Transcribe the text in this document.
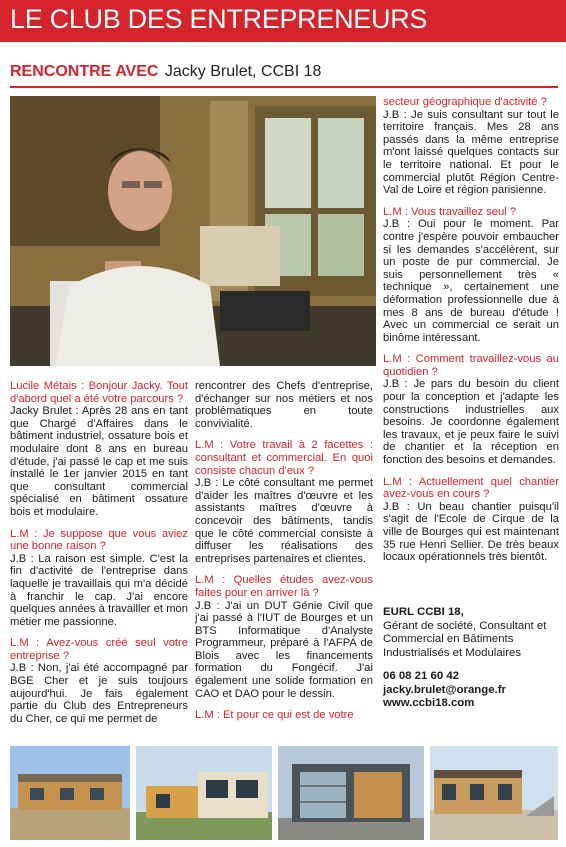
LE CLUB DES ENTREPRENEURS
RENCONTRE AVEC Jacky Brulet, CCBI 18

Lucile Métais : Bonjour Jacky. Tout d'abord quel a été votre parcours ?
Jacky Brulet : Après 28 ans en tant que Chargé d'Affaires dans le bâtiment industriel, ossature bois et modulaire dont 8 ans en bureau d'étude, j'ai passé le cap et me suis installé le 1er janvier 2015 en tant que consultant commercial spécialisé en bâtiment ossature bois et modulaire.

L.M : Je suppose que vous aviez une bonne raison ?
J.B : La raison est simple. C'est la fin d'activité de l'entreprise dans laquelle je travaillais qui m'a décidé à franchir le cap. J'ai encore quelques années à travailler et mon métier me passionne.

L.M : Avez-vous créé seul votre entreprise ?
J.B : Non, j'ai été accompagné par BGE Cher et je suis toujours aujourd'hui. Je fais également partie du Club des Entrepreneurs du Cher, ce qui me permet de

rencontrer des Chefs d'entreprise, d'échanger sur nos métiers et nos problématiques en toute convivialité.

L.M : Votre travail à 2 facettes : consultant et commercial. En quoi consiste chacun d'eux ?
J.B : Le côté consultant me permet d'aider les maîtres d'œuvre et les assistants maîtres d'œuvre à concevoir des bâtiments, tandis que le côté commercial consiste à diffuser les réalisations des entreprises partenaires et clientes.

L.M : Quelles études avez-vous faites pour en arriver là ?
J.B : J'ai un DUT Génie Civil que j'ai passé à l'IUT de Bourges et un BTS Informatique d'Analyste Programmeur, préparé à l'AFPA de Blois avec les financements formation du Fongécif. J'ai également une solide formation en CAO et DAO pour le dessin.

L.M : Et pour ce qui est de votre

secteur géographique d'activité ?
J.B : Je suis consultant sur tout le territoire français. Mes 28 ans passés dans la même entreprise m'ont laissé quelques contacts sur le territoire national. Et pour le commercial plutôt Région Centre-Val de Loire et région parisienne.

L.M : Vous travaillez seul ?
J.B : Oui pour le moment. Par contre j'espère pouvoir embaucher si les demandes s'accélèrent, sur un poste de pur commercial. Je suis personnellement très « technique », certainement une déformation professionnelle due à mes 8 ans de bureau d'étude ! Avec un commercial ce serait un binôme intéressant.

L.M : Comment travaillez-vous au quotidien ?
J.B : Je pars du besoin du client pour la conception et j'adapte les constructions industrielles aux besoins. Je coordonne également les travaux, et je peux faire le suivi de chantier et la réception en fonction des besoins et demandes.

L.M : Actuellement quel chantier avez-vous en cours ?
J.B : Un beau chantier puisqu'il s'agit de l'Ecole de Cirque de la ville de Bourges qui est maintenant 35 rue Henri Sellier. De très beaux locaux opérationnels très bientôt.

EURL CCBI 18,
Gérant de société, Consultant et Commercial en Bâtiments Industrialisés et Modulaires
06 08 21 60 42
jacky.brulet@orange.fr
www.ccbi18.com
